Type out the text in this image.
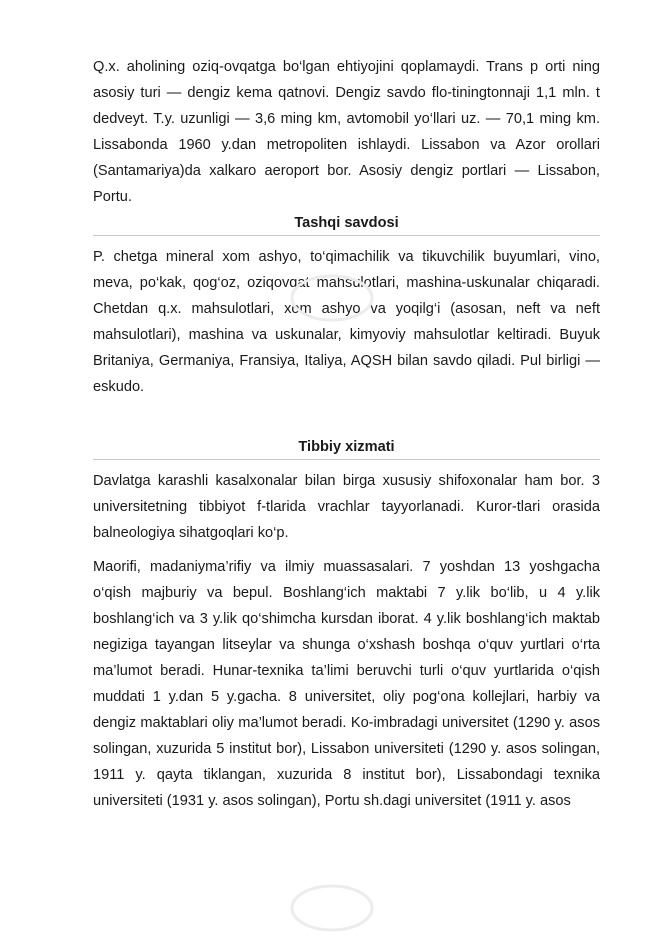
Q.x. aholining oziq-ovqatga bo‘lgan ehtiyojini qoplamaydi. Trans p orti ning asosiy turi — dengiz kema qatnovi. Dengiz savdo flo-tiningtonnaji 1,1 mln. t dedveyt. T.y. uzunligi — 3,6 ming km, avtomobil yo‘llari uz. — 70,1 ming km. Lissabonda 1960 y.dan metropoliten ishlaydi. Lissabon va Azor orollari (Santamariya)da xalkaro aeroport bor. Asosiy dengiz portlari — Lissabon, Portu.

Tashqi savdosi

P. chetga mineral xom ashyo, to‘qimachilik va tikuvchilik buyumlari, vino, meva, po‘kak, qog‘oz, oziqovqat mahsulotlari, mashina-uskunalar chiqaradi. Chetdan q.x. mahsulotlari, xom ashyo va yoqilg‘i (asosan, neft va neft mahsulotlari), mashina va uskunalar, kimyoviy mahsulotlar keltiradi. Buyuk Britaniya, Germaniya, Fransiya, Italiya, AQSH bilan savdo qiladi. Pul birligi — eskudo.

Tibbiy xizmati

Davlatga karashli kasalxonalar bilan birga xususiy shifoxonalar ham bor. 3 universitetning tibbiyot f-tlarida vrachlar tayyorlanadi. Kuror-tlari orasida balneologiya sihatgoqlari ko‘p.

Maorifi, madaniyma’rifiy va ilmiy muassasalari. 7 yoshdan 13 yoshgacha o‘qish majburiy va bepul. Boshlang‘ich maktabi 7 y.lik bo‘lib, u 4 y.lik boshlang‘ich va 3 y.lik qo‘shimcha kursdan iborat. 4 y.lik boshlang‘ich maktab negiziga tayangan litseylar va shunga o‘xshash boshqa o‘quv yurtlari o‘rta ma’lumot beradi. Hunar-texnika ta’limi beruvchi turli o‘quv yurtlarida o‘qish muddati 1 y.dan 5 y.gacha. 8 universitet, oliy pog‘ona kollejlari, harbiy va dengiz maktablari oliy ma’lumot beradi. Ko-imbradagi universitet (1290 y. asos solingan, xuzurida 5 institut bor), Lissabon universiteti (1290 y. asos solingan, 1911 y. qayta tiklangan, xuzurida 8 institut bor), Lissabondagi texnika universiteti (1931 y. asos solingan), Portu sh.dagi universitet (1911 y. asos
